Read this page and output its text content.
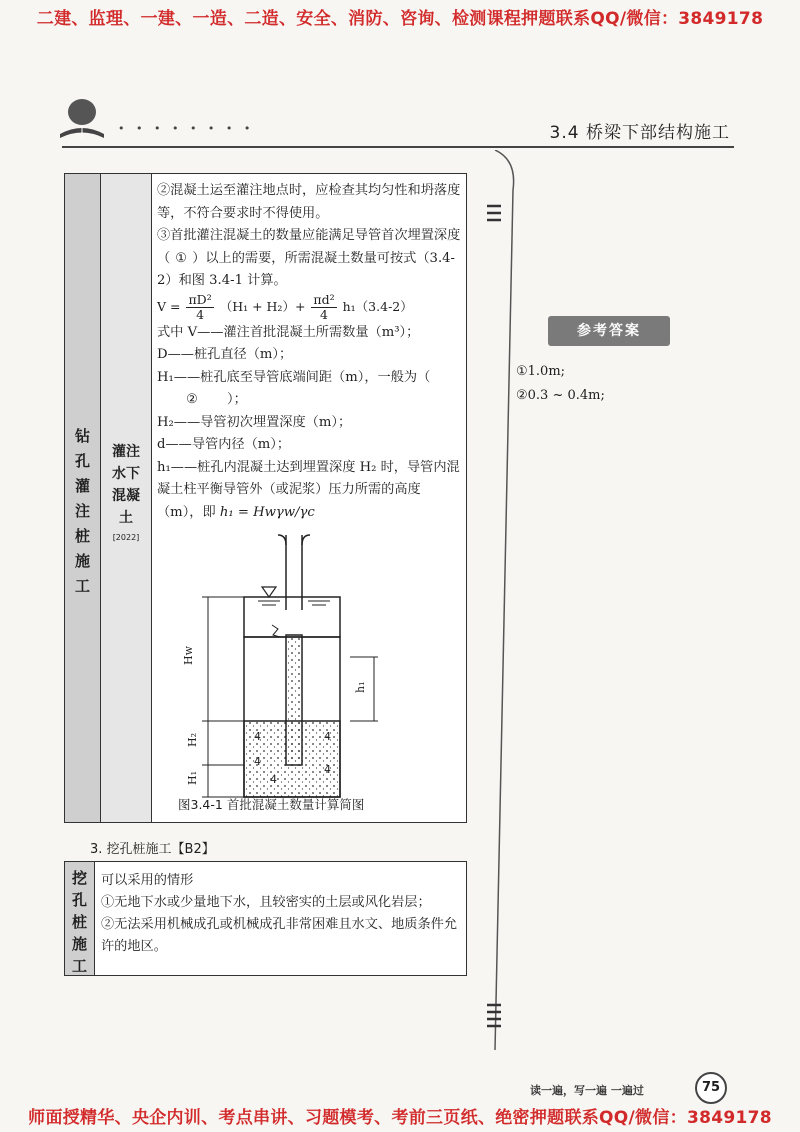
二建、监理、一建、一造、二造、安全、消防、咨询、检测课程押题联系QQ/微信：3849178
• • • • • • • •	3.4 桥梁下部结构施工
钻
孔
灌
注
桩
施
工
灌注
水下
混凝
土
[2022]

②混凝土运至灌注地点时，应检查其均匀性和坍落度等，不符合要求时不得使用。

③首批灌注混凝土的数量应能满足导管首次埋置深度（ ① ）以上的需要，所需混凝土数量可按式（3.4-2）和图 3.4-1 计算。

$V = \frac{\text{πD²}}{4} (H_1 + H_2)+ \frac{\text{πd²}}{4} h_1(3.4-2)$

式中 V——灌注首批混凝土所需数量（m³）；

D——桩孔直径（m）；

H₁——桩孔底至导管底端间距（m），一般为（② ）；

H₂——导管初次埋置深度（m）；

d——导管内径（m）；

h₁——桩孔内混凝土达到埋置深度 H₂ 时，导管内混凝土柱平衡导管外（或泥浆）压力所需的高度（m），即 h₁ = Hwγw/γc

4	4
4
4
4
Hw
H₂
H₁
h₁
图3.4-1 首批混凝土数量计算简图
3. 挖孔桩施工【B2】
挖
孔
桩
施
工

可以采用的情形

①无地下水或少量地下水，且较密实的土层或风化岩层；

②无法采用机械成孔或机械成孔非常困难且水文、地质条件允许的地区。

参考答案

①1.0m;

②0.3 ~ 0.4m;

读一遍，写一遍 一遍过	75
师面授精华、央企内训、考点串讲、习题模考、考前三页纸、绝密押题联系QQ/微信：3849178
